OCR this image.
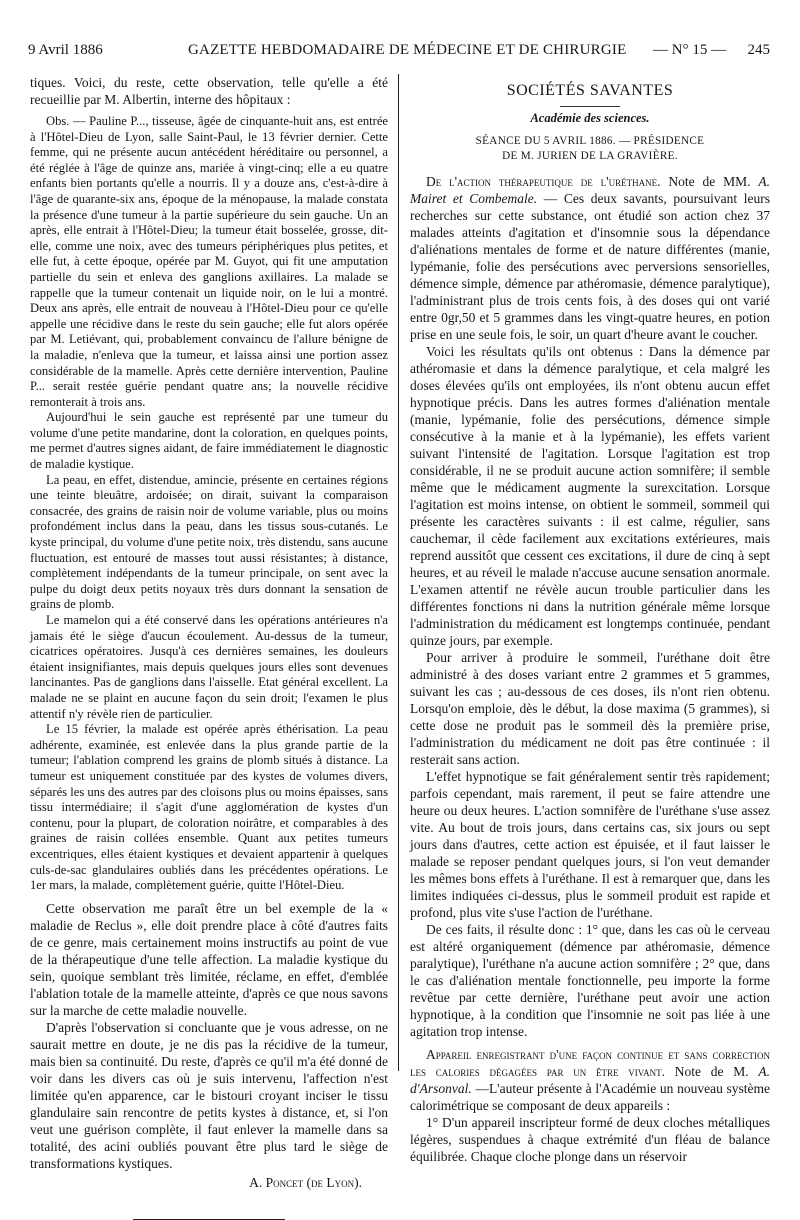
9 Avril 1886	GAZETTE HEBDOMADAIRE DE MÉDECINE ET DE CHIRURGIE — N° 15 — 245

tiques. Voici, du reste, cette observation, telle qu'elle a été recueillie par M. Albertin, interne des hôpitaux :

Obs. — Pauline P..., tisseuse, âgée de cinquante-huit ans, est entrée à l'Hôtel-Dieu de Lyon, salle Saint-Paul, le 13 février dernier. Cette femme, qui ne présente aucun antécédent héréditaire ou personnel, a été réglée à l'âge de quinze ans, mariée à vingt-cinq; elle a eu quatre enfants bien portants qu'elle a nourris. Il y a douze ans, c'est-à-dire à l'âge de quarante-six ans, époque de la ménopause, la malade constata la présence d'une tumeur à la partie supérieure du sein gauche. Un an après, elle entrait à l'Hôtel-Dieu; la tumeur était bosselée, grosse, dit-elle, comme une noix, avec des tumeurs périphériques plus petites, et elle fut, à cette époque, opérée par M. Guyot, qui fit une amputation partielle du sein et enleva des ganglions axillaires. La malade se rappelle que la tumeur contenait un liquide noir, on le lui a montré. Deux ans après, elle entrait de nouveau à l'Hôtel-Dieu pour ce qu'elle appelle une récidive dans le reste du sein gauche; elle fut alors opérée par M. Letiévant, qui, probablement convaincu de l'allure bénigne de la maladie, n'enleva que la tumeur, et laissa ainsi une portion assez considérable de la mamelle. Après cette dernière intervention, Pauline P... serait restée guérie pendant quatre ans; la nouvelle récidive remonterait à trois ans.

Aujourd'hui le sein gauche est représenté par une tumeur du volume d'une petite mandarine, dont la coloration, en quelques points, me permet d'autres signes aidant, de faire immédiatement le diagnostic de maladie kystique.

La peau, en effet, distendue, amincie, présente en certaines régions une teinte bleuâtre, ardoisée; on dirait, suivant la comparaison consacrée, des grains de raisin noir de volume variable, plus ou moins profondément inclus dans la peau, dans les tissus sous-cutanés. Le kyste principal, du volume d'une petite noix, très distendu, sans aucune fluctuation, est entouré de masses tout aussi résistantes; à distance, complètement indépendants de la tumeur principale, on sent avec la pulpe du doigt deux petits noyaux très durs donnant la sensation de grains de plomb.

Le mamelon qui a été conservé dans les opérations antérieures n'a jamais été le siège d'aucun écoulement. Au-dessus de la tumeur, cicatrices opératoires. Jusqu'à ces dernières semaines, les douleurs étaient insignifiantes, mais depuis quelques jours elles sont devenues lancinantes. Pas de ganglions dans l'aisselle. Etat général excellent. La malade ne se plaint en aucune façon du sein droit; l'examen le plus attentif n'y révèle rien de particulier.

Le 15 février, la malade est opérée après éthérisation. La peau adhérente, examinée, est enlevée dans la plus grande partie de la tumeur; l'ablation comprend les grains de plomb situés à distance. La tumeur est uniquement constituée par des kystes de volumes divers, séparés les uns des autres par des cloisons plus ou moins épaisses, sans tissu intermédiaire; il s'agit d'une agglomération de kystes d'un contenu, pour la plupart, de coloration noirâtre, et comparables à des graines de raisin collées ensemble. Quant aux petites tumeurs excentriques, elles étaient kystiques et devaient appartenir à quelques culs-de-sac glandulaires oubliés dans les précédentes opérations. Le 1er mars, la malade, complètement guérie, quitte l'Hôtel-Dieu.

Cette observation me paraît être un bel exemple de la « maladie de Reclus », elle doit prendre place à côté d'autres faits de ce genre, mais certainement moins instructifs au point de vue de la thérapeutique d'une telle affection. La maladie kystique du sein, quoique semblant très limitée, réclame, en effet, d'emblée l'ablation totale de la mamelle atteinte, d'après ce que nous savons sur la marche de cette maladie nouvelle.

D'après l'observation si concluante que je vous adresse, on ne saurait mettre en doute, je ne dis pas la récidive de la tumeur, mais bien sa continuité. Du reste, d'après ce qu'il m'a été donné de voir dans les divers cas où je suis intervenu, l'affection n'est limitée qu'en apparence, car le bistouri croyant inciser le tissu glandulaire sain rencontre de petits kystes à distance, et, si l'on veut une guérison complète, il faut enlever la mamelle dans sa totalité, des acini oubliés pouvant être plus tard le siège de transformations kystiques.

A. Poncet (de Lyon).

SOCIÉTÉS SAVANTES

Académie des sciences.

SÉANCE DU 5 AVRIL 1886. — PRÉSIDENCE

DE M. JURIEN DE LA GRAVIÈRE.

De l'action thérapeutique de l'uréthane. Note de MM. A. Mairet et Combemale. — Ces deux savants, poursuivant leurs recherches sur cette substance, ont étudié son action chez 37 malades atteints d'agitation et d'insomnie sous la dépendance d'aliénations mentales de forme et de nature différentes (manie, lypémanie, folie des persécutions avec perversions sensorielles, démence simple, démence par athéromasie, démence paralytique), l'administrant plus de trois cents fois, à des doses qui ont varié entre 0gr,50 et 5 grammes dans les vingt-quatre heures, en potion prise en une seule fois, le soir, un quart d'heure avant le coucher.

Voici les résultats qu'ils ont obtenus : Dans la démence par athéromasie et dans la démence paralytique, et cela malgré les doses élevées qu'ils ont employées, ils n'ont obtenu aucun effet hypnotique précis. Dans les autres formes d'aliénation mentale (manie, lypémanie, folie des persécutions, démence simple consécutive à la manie et à la lypémanie), les effets varient suivant l'intensité de l'agitation. Lorsque l'agitation est trop considérable, il ne se produit aucune action somnifère; il semble même que le médicament augmente la surexcitation. Lorsque l'agitation est moins intense, on obtient le sommeil, sommeil qui présente les caractères suivants : il est calme, régulier, sans cauchemar, il cède facilement aux excitations extérieures, mais reprend aussitôt que cessent ces excitations, il dure de cinq à sept heures, et au réveil le malade n'accuse aucune sensation anormale. L'examen attentif ne révèle aucun trouble particulier dans les différentes fonctions ni dans la nutrition générale même lorsque l'administration du médicament est longtemps continuée, pendant quinze jours, par exemple.

Pour arriver à produire le sommeil, l'uréthane doit être administré à des doses variant entre 2 grammes et 5 grammes, suivant les cas ; au-dessous de ces doses, ils n'ont rien obtenu. Lorsqu'on emploie, dès le début, la dose maxima (5 grammes), si cette dose ne produit pas le sommeil dès la première prise, l'administration du médicament ne doit pas être continuée : il resterait sans action.

L'effet hypnotique se fait généralement sentir très rapidement; parfois cependant, mais rarement, il peut se faire attendre une heure ou deux heures. L'action somnifère de l'uréthane s'use assez vite. Au bout de trois jours, dans certains cas, six jours ou sept jours dans d'autres, cette action est épuisée, et il faut laisser le malade se reposer pendant quelques jours, si l'on veut demander les mêmes bons effets à l'uréthane. Il est à remarquer que, dans les limites indiquées ci-dessus, plus le sommeil produit est rapide et profond, plus vite s'use l'action de l'uréthane.

De ces faits, il résulte donc : 1° que, dans les cas où le cerveau est altéré organiquement (démence par athéromasie, démence paralytique), l'uréthane n'a aucune action somnifère ; 2° que, dans le cas d'aliénation mentale fonctionnelle, peu importe la forme revêtue par cette dernière, l'uréthane peut avoir une action hypnotique, à la condition que l'insomnie ne soit pas liée à une agitation trop intense.

Appareil enregistrant d'une façon continue et sans correction les calories dégagées par un être vivant. Note de M. A. d'Arsonval. —L'auteur présente à l'Académie un nouveau système calorimétrique se composant de deux appareils :

1° D'un appareil inscripteur formé de deux cloches métalliques légères, suspendues à chaque extrémité d'un fléau de balance équilibrée. Chaque cloche plonge dans un réservoir
